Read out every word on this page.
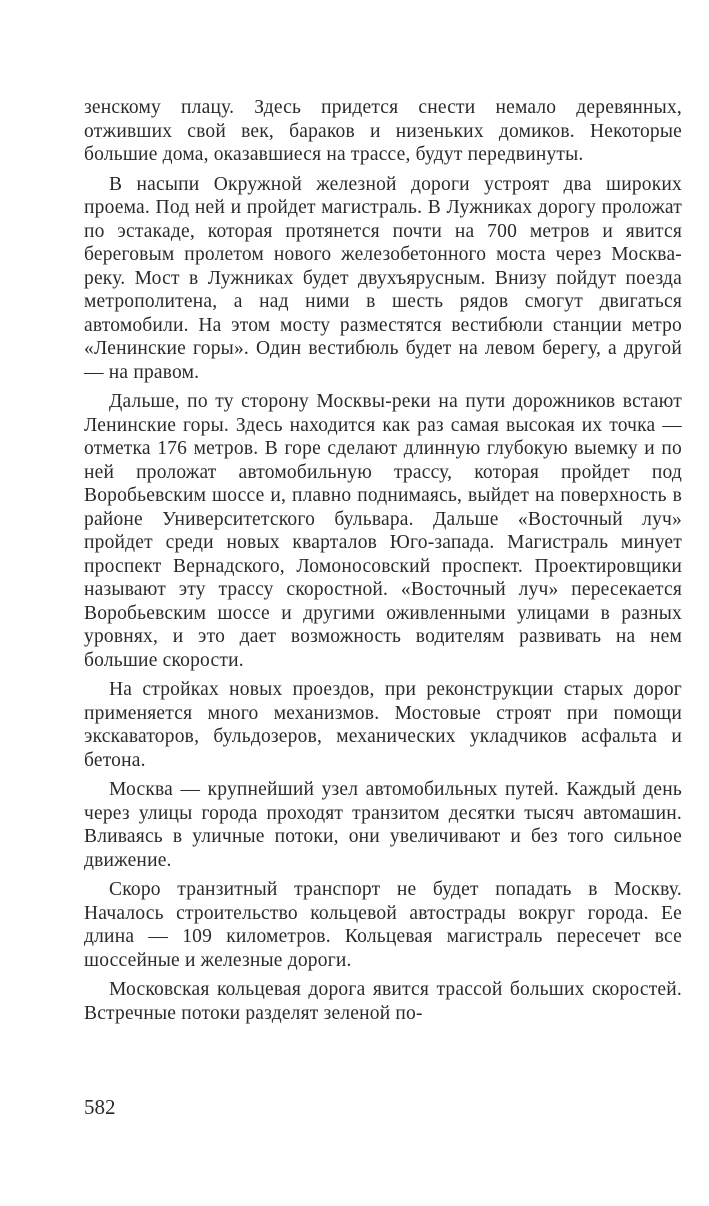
зенскому плацу. Здесь придется снести немало деревянных, отживших свой век, бараков и низеньких домиков. Некоторые большие дома, оказавшиеся на трассе, будут передвинуты.

В насыпи Окружной железной дороги устроят два широких проема. Под ней и пройдет магистраль. В Лужниках дорогу проложат по эстакаде, которая протянется почти на 700 метров и явится береговым пролетом нового железобетонного моста через Москва-реку. Мост в Лужниках будет двухъярусным. Внизу пойдут поезда метрополитена, а над ними в шесть рядов смогут двигаться автомобили. На этом мосту разместятся вестибюли станции метро «Ленинские горы». Один вестибюль будет на левом берегу, а другой — на правом.

Дальше, по ту сторону Москвы-реки на пути дорожников встают Ленинские горы. Здесь находится как раз самая высокая их точка — отметка 176 метров. В горе сделают длинную глубокую выемку и по ней проложат автомобильную трассу, которая пройдет под Воробьевским шоссе и, плавно поднимаясь, выйдет на поверхность в районе Университетского бульвара. Дальше «Восточный луч» пройдет среди новых кварталов Юго-запада. Магистраль минует проспект Вернадского, Ломоносовский проспект. Проектировщики называют эту трассу скоростной. «Восточный луч» пересекается Воробьевским шоссе и другими оживленными улицами в разных уровнях, и это дает возможность водителям развивать на нем большие скорости.

На стройках новых проездов, при реконструкции старых дорог применяется много механизмов. Мостовые строят при помощи экскаваторов, бульдозеров, механических укладчиков асфальта и бетона.

Москва — крупнейший узел автомобильных путей. Каждый день через улицы города проходят транзитом десятки тысяч автомашин. Вливаясь в уличные потоки, они увеличивают и без того сильное движение.

Скоро транзитный транспорт не будет попадать в Москву. Началось строительство кольцевой автострады вокруг города. Ее длина — 109 километров. Кольцевая магистраль пересечет все шоссейные и железные дороги.

Московская кольцевая дорога явится трассой больших скоростей. Встречные потоки разделят зеленой по-

582
